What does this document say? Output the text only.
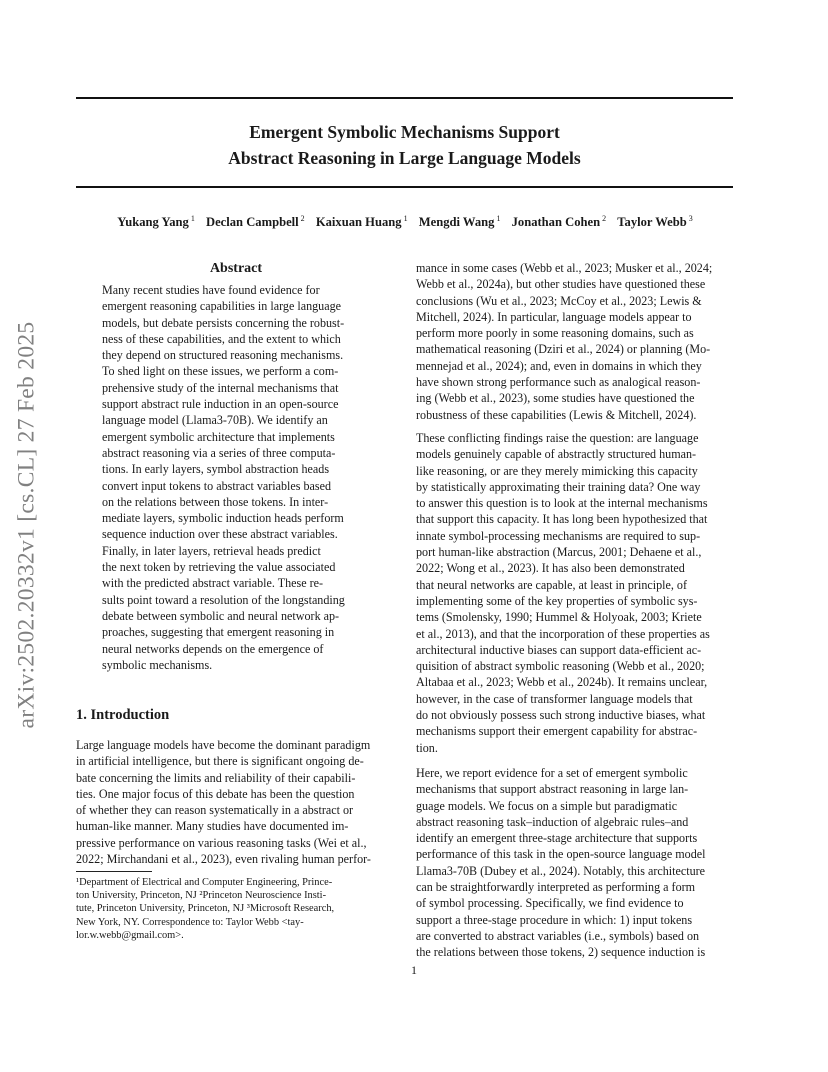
arXiv:2502.20332v1 [cs.CL] 27 Feb 2025
Emergent Symbolic Mechanisms Support
Abstract Reasoning in Large Language Models
Yukang Yang $^1$ Declan Campbell $^2$ Kaixuan Huang $^1$ Mengdi Wang $^1$ Jonathan Cohen $^2$ Taylor Webb $^3$
Abstract

Many recent studies have found evidence for
emergent reasoning capabilities in large language
models, but debate persists concerning the robust-
ness of these capabilities, and the extent to which
they depend on structured reasoning mechanisms.
To shed light on these issues, we perform a com-
prehensive study of the internal mechanisms that
support abstract rule induction in an open-source
language model (Llama3-70B). We identify an
emergent symbolic architecture that implements
abstract reasoning via a series of three computa-
tions. In early layers, symbol abstraction heads
convert input tokens to abstract variables based
on the relations between those tokens. In inter-
mediate layers, symbolic induction heads perform
sequence induction over these abstract variables.
Finally, in later layers, retrieval heads predict
the next token by retrieving the value associated
with the predicted abstract variable. These re-
sults point toward a resolution of the longstanding
debate between symbolic and neural network ap-
proaches, suggesting that emergent reasoning in
neural networks depends on the emergence of
symbolic mechanisms.

1. Introduction

Large language models have become the dominant paradigm
in artificial intelligence, but there is significant ongoing de-
bate concerning the limits and reliability of their capabili-
ties. One major focus of this debate has been the question
of whether they can reason systematically in a abstract or
human-like manner. Many studies have documented im-
pressive performance on various reasoning tasks (Wei et al.,
2022; Mirchandani et al., 2023), even rivaling human perfor-

¹Department of Electrical and Computer Engineering, Prince-
ton University, Princeton, NJ ²Princeton Neuroscience Insti-
tute, Princeton University, Princeton, NJ ³Microsoft Research,
New York, NY. Correspondence to: Taylor Webb <tay-
lor.w.webb@gmail.com>.

mance in some cases (Webb et al., 2023; Musker et al., 2024;
Webb et al., 2024a), but other studies have questioned these
conclusions (Wu et al., 2023; McCoy et al., 2023; Lewis &
Mitchell, 2024). In particular, language models appear to
perform more poorly in some reasoning domains, such as
mathematical reasoning (Dziri et al., 2024) or planning (Mo-
mennejad et al., 2024); and, even in domains in which they
have shown strong performance such as analogical reason-
ing (Webb et al., 2023), some studies have questioned the
robustness of these capabilities (Lewis & Mitchell, 2024).

These conflicting findings raise the question: are language
models genuinely capable of abstractly structured human-
like reasoning, or are they merely mimicking this capacity
by statistically approximating their training data? One way
to answer this question is to look at the internal mechanisms
that support this capacity. It has long been hypothesized that
innate symbol-processing mechanisms are required to sup-
port human-like abstraction (Marcus, 2001; Dehaene et al.,
2022; Wong et al., 2023). It has also been demonstrated
that neural networks are capable, at least in principle, of
implementing some of the key properties of symbolic sys-
tems (Smolensky, 1990; Hummel & Holyoak, 2003; Kriete
et al., 2013), and that the incorporation of these properties as
architectural inductive biases can support data-efficient ac-
quisition of abstract symbolic reasoning (Webb et al., 2020;
Altabaa et al., 2023; Webb et al., 2024b). It remains unclear,
however, in the case of transformer language models that
do not obviously possess such strong inductive biases, what
mechanisms support their emergent capability for abstrac-
tion.

Here, we report evidence for a set of emergent symbolic
mechanisms that support abstract reasoning in large lan-
guage models. We focus on a simple but paradigmatic
abstract reasoning task–induction of algebraic rules–and
identify an emergent three-stage architecture that supports
performance of this task in the open-source language model
Llama3-70B (Dubey et al., 2024). Notably, this architecture
can be straightforwardly interpreted as performing a form
of symbol processing. Specifically, we find evidence to
support a three-stage procedure in which: 1) input tokens
are converted to abstract variables (i.e., symbols) based on
the relations between those tokens, 2) sequence induction is

1
